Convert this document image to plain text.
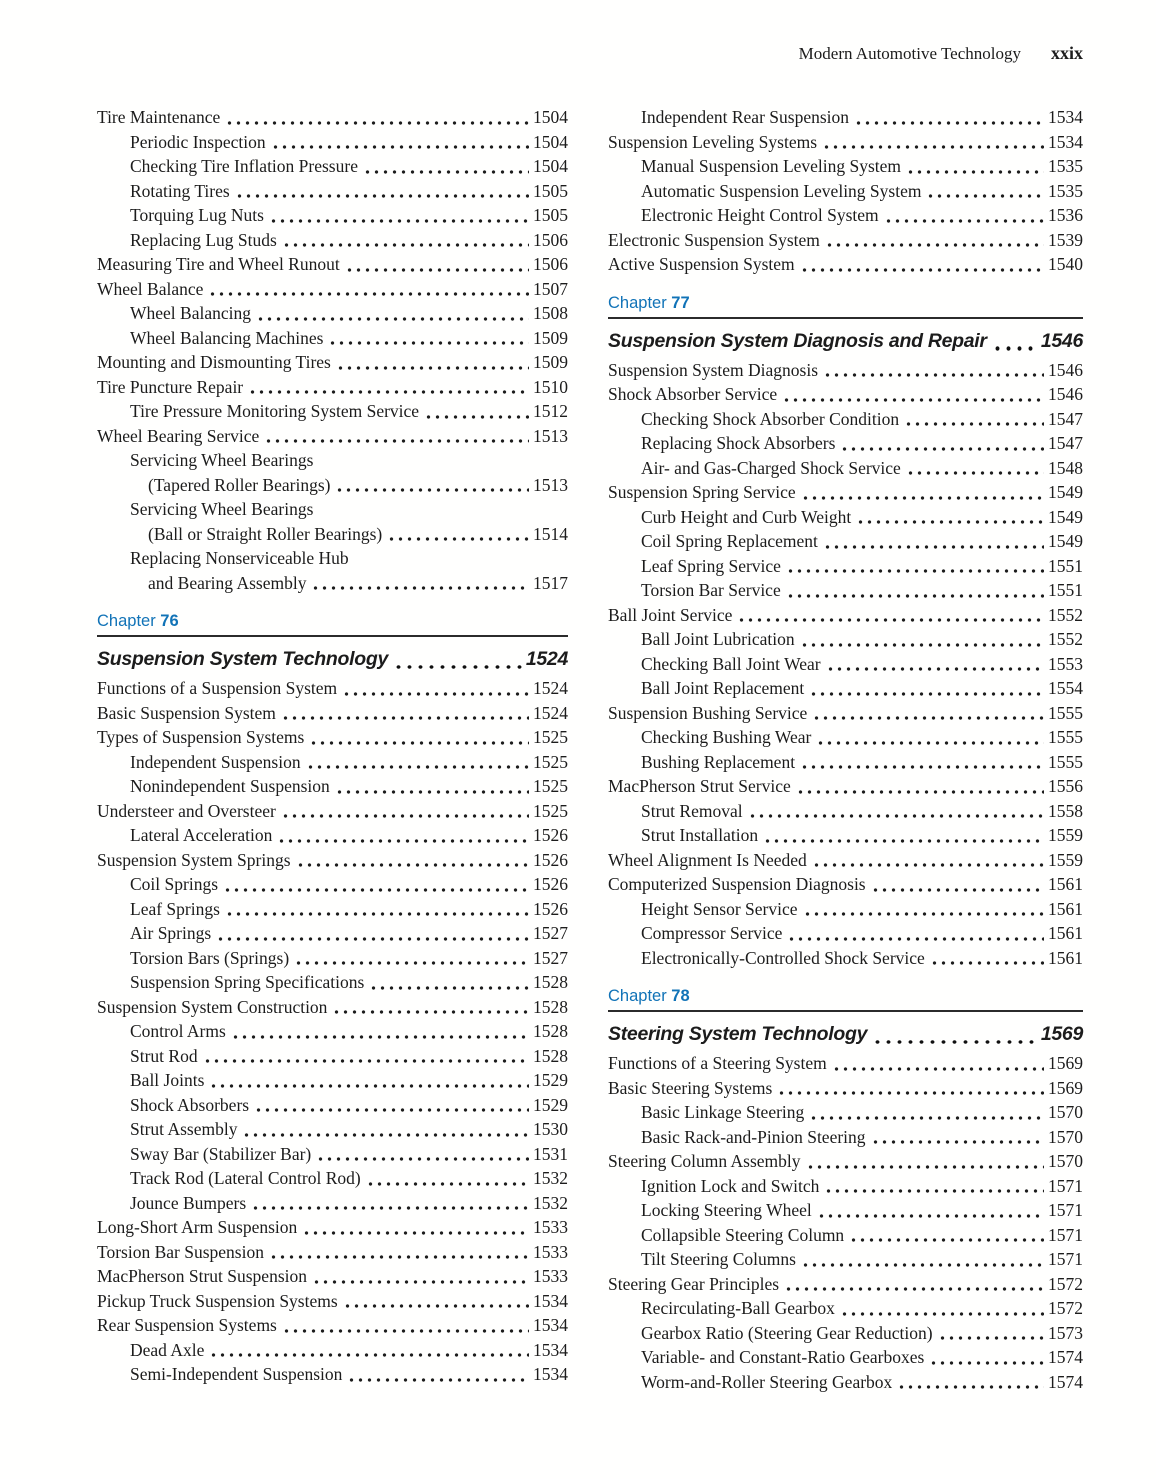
Modern Automotive Technology xxix
Tire Maintenance	1504
Periodic Inspection	1504
Checking Tire Inflation Pressure	1504
Rotating Tires	1505
Torquing Lug Nuts	1505
Replacing Lug Studs	1506
Measuring Tire and Wheel Runout	1506
Wheel Balance	1507
Wheel Balancing	1508
Wheel Balancing Machines	1509
Mounting and Dismounting Tires	1509
Tire Puncture Repair	1510
Tire Pressure Monitoring System Service	1512
Wheel Bearing Service	1513
Servicing Wheel Bearings
(Tapered Roller Bearings)	1513
Servicing Wheel Bearings
(Ball or Straight Roller Bearings)	1514
Replacing Nonserviceable Hub
and Bearing Assembly	1517
Chapter 76
Suspension System Technology	1524
Functions of a Suspension System	1524
Basic Suspension System	1524
Types of Suspension Systems	1525
Independent Suspension	1525
Nonindependent Suspension	1525
Understeer and Oversteer	1525
Lateral Acceleration	1526
Suspension System Springs	1526
Coil Springs	1526
Leaf Springs	1526
Air Springs	1527
Torsion Bars (Springs)	1527
Suspension Spring Specifications	1528
Suspension System Construction	1528
Control Arms	1528
Strut Rod	1528
Ball Joints	1529
Shock Absorbers	1529
Strut Assembly	1530
Sway Bar (Stabilizer Bar)	1531
Track Rod (Lateral Control Rod)	1532
Jounce Bumpers	1532
Long-Short Arm Suspension	1533
Torsion Bar Suspension	1533
MacPherson Strut Suspension	1533
Pickup Truck Suspension Systems	1534
Rear Suspension Systems	1534
Dead Axle	1534
Semi-Independent Suspension	1534
Independent Rear Suspension	1534
Suspension Leveling Systems	1534
Manual Suspension Leveling System	1535
Automatic Suspension Leveling System	1535
Electronic Height Control System	1536
Electronic Suspension System	1539
Active Suspension System	1540
Chapter 77
Suspension System Diagnosis and Repair	1546
Suspension System Diagnosis	1546
Shock Absorber Service	1546
Checking Shock Absorber Condition	1547
Replacing Shock Absorbers	1547
Air- and Gas-Charged Shock Service	1548
Suspension Spring Service	1549
Curb Height and Curb Weight	1549
Coil Spring Replacement	1549
Leaf Spring Service	1551
Torsion Bar Service	1551
Ball Joint Service	1552
Ball Joint Lubrication	1552
Checking Ball Joint Wear	1553
Ball Joint Replacement	1554
Suspension Bushing Service	1555
Checking Bushing Wear	1555
Bushing Replacement	1555
MacPherson Strut Service	1556
Strut Removal	1558
Strut Installation	1559
Wheel Alignment Is Needed	1559
Computerized Suspension Diagnosis	1561
Height Sensor Service	1561
Compressor Service	1561
Electronically-Controlled Shock Service	1561
Chapter 78
Steering System Technology	1569
Functions of a Steering System	1569
Basic Steering Systems	1569
Basic Linkage Steering	1570
Basic Rack-and-Pinion Steering	1570
Steering Column Assembly	1570
Ignition Lock and Switch	1571
Locking Steering Wheel	1571
Collapsible Steering Column	1571
Tilt Steering Columns	1571
Steering Gear Principles	1572
Recirculating-Ball Gearbox	1572
Gearbox Ratio (Steering Gear Reduction)	1573
Variable- and Constant-Ratio Gearboxes	1574
Worm-and-Roller Steering Gearbox	1574
